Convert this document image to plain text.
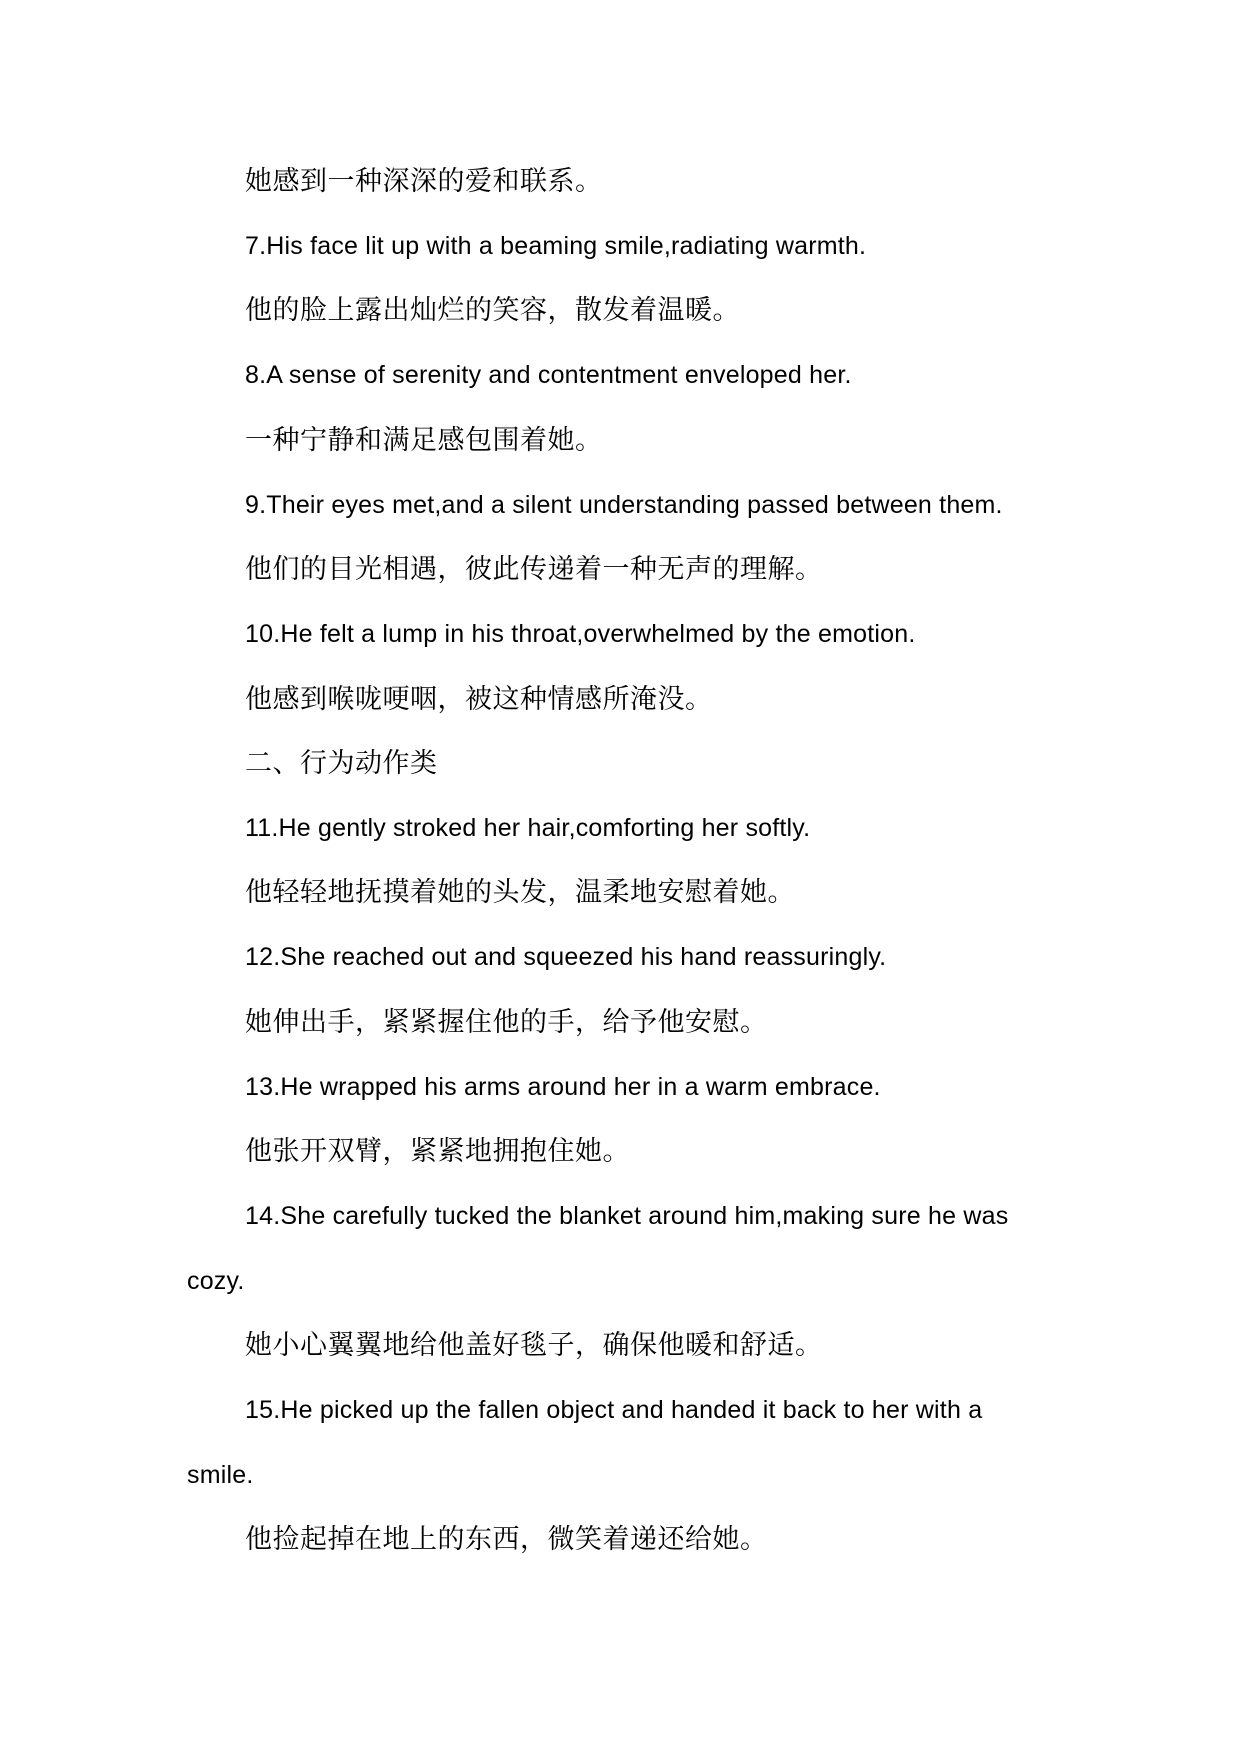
她感到一种深深的爱和联系。
7.His face lit up with a beaming smile,radiating warmth.
他的脸上露出灿烂的笑容，散发着温暖。
8.A sense of serenity and contentment enveloped her.
一种宁静和满足感包围着她。
9.Their eyes met,and a silent understanding passed between them.
他们的目光相遇，彼此传递着一种无声的理解。
10.He felt a lump in his throat,overwhelmed by the emotion.
他感到喉咙哽咽，被这种情感所淹没。
二、行为动作类
11.He gently stroked her hair,comforting her softly.
他轻轻地抚摸着她的头发，温柔地安慰着她。
12.She reached out and squeezed his hand reassuringly.
她伸出手，紧紧握住他的手，给予他安慰。
13.He wrapped his arms around her in a warm embrace.
他张开双臂，紧紧地拥抱住她。
14.She carefully tucked the blanket around him,making sure he was
cozy.
她小心翼翼地给他盖好毯子，确保他暖和舒适。
15.He picked up the fallen object and handed it back to her with a
smile.
他捡起掉在地上的东西，微笑着递还给她。
